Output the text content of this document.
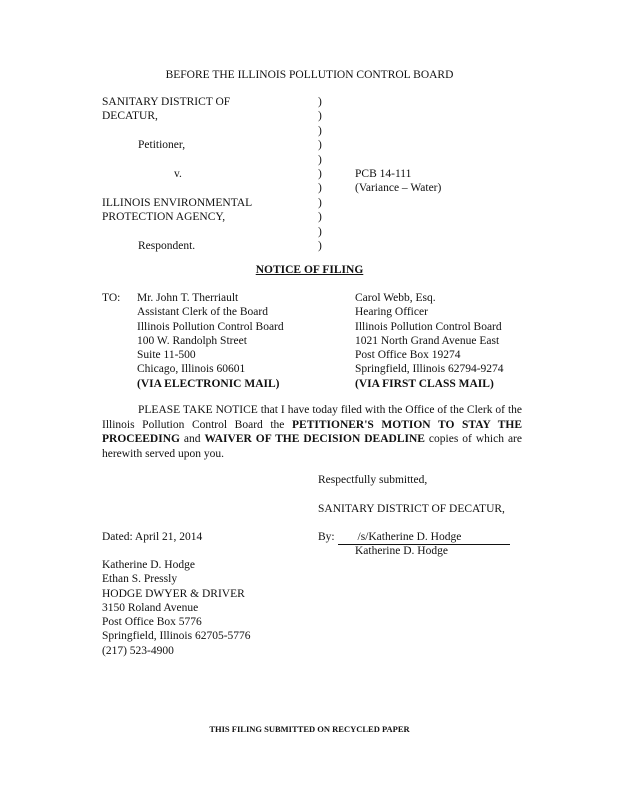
BEFORE THE ILLINOIS POLLUTION CONTROL BOARD
SANITARY DISTRICT OF
DECATUR,
Petitioner,
v.
ILLINOIS ENVIRONMENTAL
PROTECTION AGENCY,
Respondent.
)
)
)
)
)
)
)
)
)
)
)
PCB 14-111
(Variance – Water)
NOTICE OF FILING
TO: Mr. John T. Therriault
Assistant Clerk of the Board
Illinois Pollution Control Board
100 W. Randolph Street
Suite 11-500
Chicago, Illinois 60601
(VIA ELECTRONIC MAIL)
Carol Webb, Esq.
Hearing Officer
Illinois Pollution Control Board
1021 North Grand Avenue East
Post Office Box 19274
Springfield, Illinois 62794-9274
(VIA FIRST CLASS MAIL)
PLEASE TAKE NOTICE that I have today filed with the Office of the Clerk of the Illinois Pollution Control Board the PETITIONER'S MOTION TO STAY THE PROCEEDING and WAIVER OF THE DECISION DEADLINE copies of which are herewith served upon you.
Respectfully submitted,
SANITARY DISTRICT OF DECATUR,
Dated: April 21, 2014	By: /s/Katherine D. Hodge
Katherine D. Hodge
Katherine D. Hodge
Ethan S. Pressly
HODGE DWYER & DRIVER
3150 Roland Avenue
Post Office Box 5776
Springfield, Illinois 62705-5776
(217) 523-4900
THIS FILING SUBMITTED ON RECYCLED PAPER
